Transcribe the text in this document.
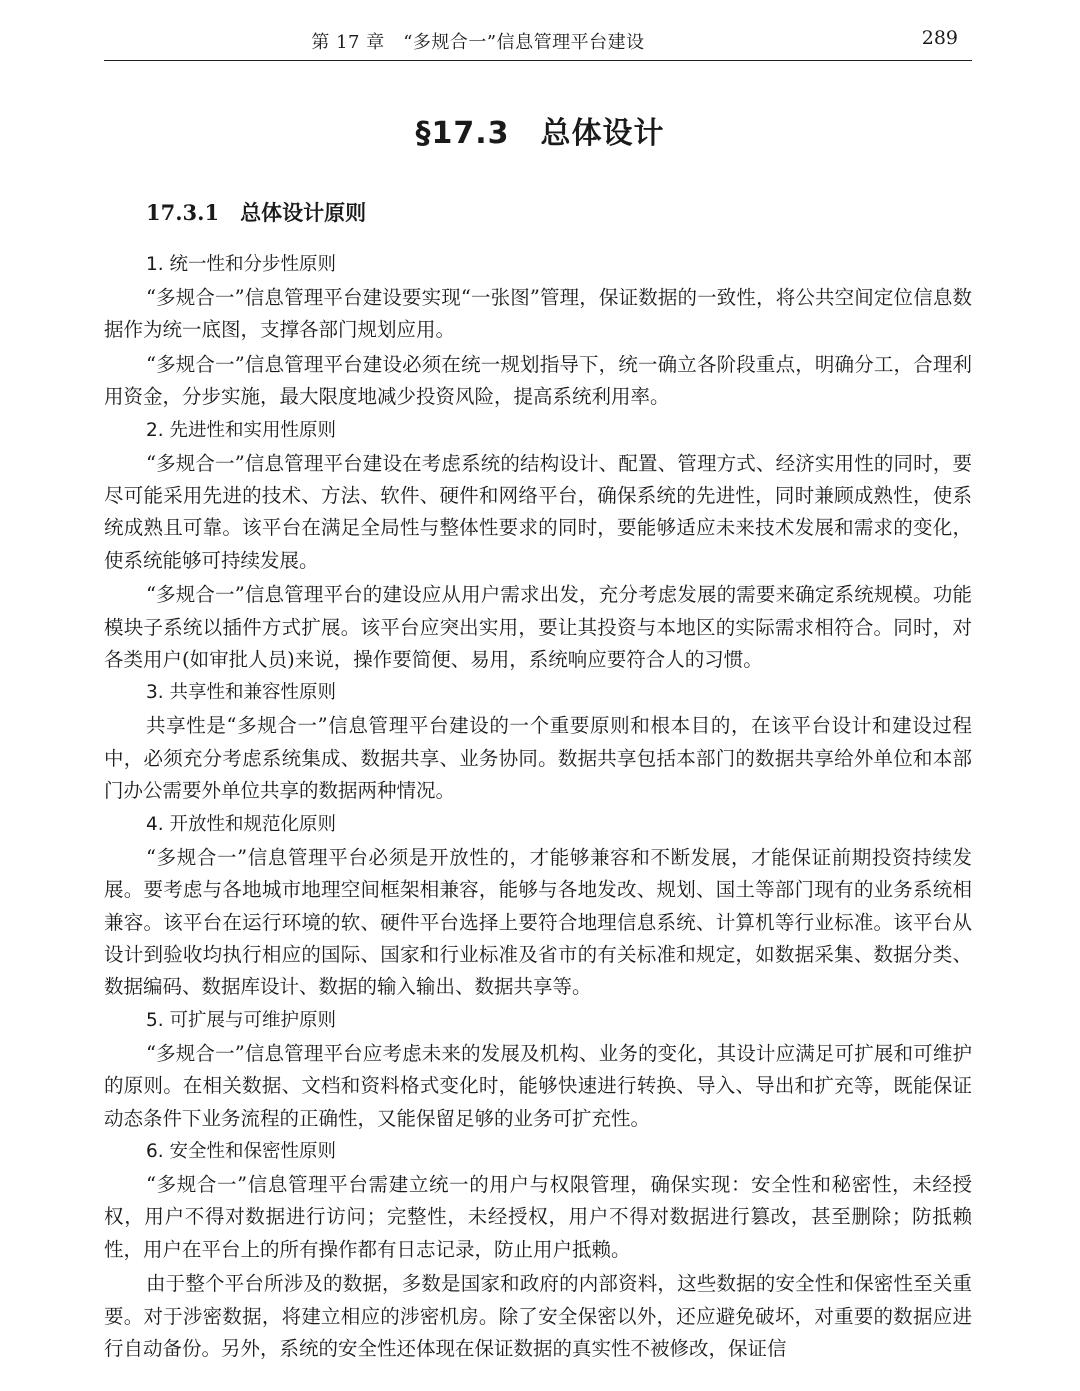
第 17 章　“多规合一”信息管理平台建设	289
§17.3　总体设计
17.3.1　总体设计原则
1. 统一性和分步性原则

“多规合一”信息管理平台建设要实现“一张图”管理，保证数据的一致性，将公共空间定位信息数据作为统一底图，支撑各部门规划应用。

“多规合一”信息管理平台建设必须在统一规划指导下，统一确立各阶段重点，明确分工，合理利用资金，分步实施，最大限度地减少投资风险，提高系统利用率。

2. 先进性和实用性原则

“多规合一”信息管理平台建设在考虑系统的结构设计、配置、管理方式、经济实用性的同时，要尽可能采用先进的技术、方法、软件、硬件和网络平台，确保系统的先进性，同时兼顾成熟性，使系统成熟且可靠。该平台在满足全局性与整体性要求的同时，要能够适应未来技术发展和需求的变化，使系统能够可持续发展。

“多规合一”信息管理平台的建设应从用户需求出发，充分考虑发展的需要来确定系统规模。功能模块子系统以插件方式扩展。该平台应突出实用，要让其投资与本地区的实际需求相符合。同时，对各类用户(如审批人员)来说，操作要简便、易用，系统响应要符合人的习惯。

3. 共享性和兼容性原则

共享性是“多规合一”信息管理平台建设的一个重要原则和根本目的，在该平台设计和建设过程中，必须充分考虑系统集成、数据共享、业务协同。数据共享包括本部门的数据共享给外单位和本部门办公需要外单位共享的数据两种情况。

4. 开放性和规范化原则

“多规合一”信息管理平台必须是开放性的，才能够兼容和不断发展，才能保证前期投资持续发展。要考虑与各地城市地理空间框架相兼容，能够与各地发改、规划、国土等部门现有的业务系统相兼容。该平台在运行环境的软、硬件平台选择上要符合地理信息系统、计算机等行业标准。该平台从设计到验收均执行相应的国际、国家和行业标准及省市的有关标准和规定，如数据采集、数据分类、数据编码、数据库设计、数据的输入输出、数据共享等。

5. 可扩展与可维护原则

“多规合一”信息管理平台应考虑未来的发展及机构、业务的变化，其设计应满足可扩展和可维护的原则。在相关数据、文档和资料格式变化时，能够快速进行转换、导入、导出和扩充等，既能保证动态条件下业务流程的正确性，又能保留足够的业务可扩充性。

6. 安全性和保密性原则

“多规合一”信息管理平台需建立统一的用户与权限管理，确保实现：安全性和秘密性，未经授权，用户不得对数据进行访问；完整性，未经授权，用户不得对数据进行篡改，甚至删除；防抵赖性，用户在平台上的所有操作都有日志记录，防止用户抵赖。

由于整个平台所涉及的数据，多数是国家和政府的内部资料，这些数据的安全性和保密性至关重要。对于涉密数据，将建立相应的涉密机房。除了安全保密以外，还应避免破坏，对重要的数据应进行自动备份。另外，系统的安全性还体现在保证数据的真实性不被修改，保证信
